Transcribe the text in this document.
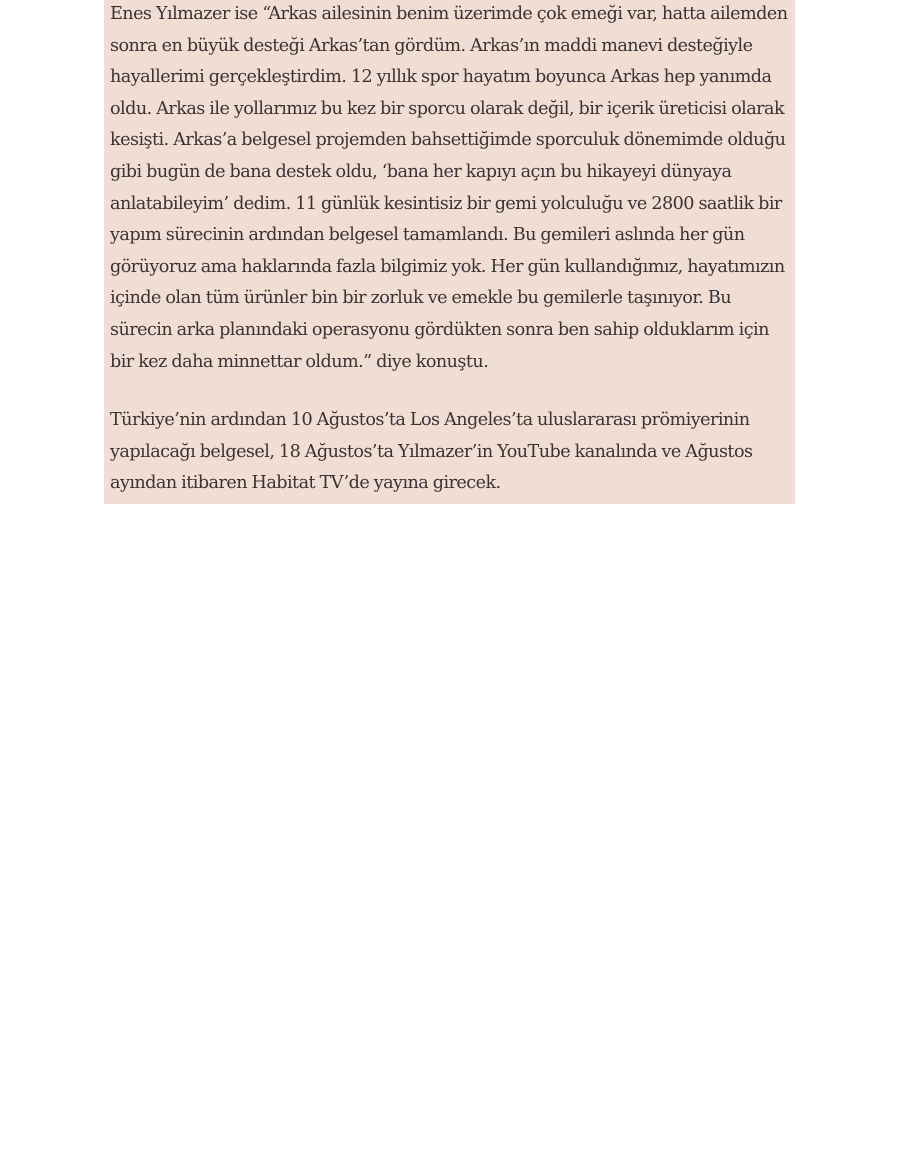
Enes Yılmazer ise “Arkas ailesinin benim üzerimde çok emeği var, hatta ailemden sonra en büyük desteği Arkas’tan gördüm. Arkas’ın maddi manevi desteğiyle hayallerimi gerçekleştirdim. 12 yıllık spor hayatım boyunca Arkas hep yanımda oldu. Arkas ile yollarımız bu kez bir sporcu olarak değil, bir içerik üreticisi olarak kesişti. Arkas’a belgesel projemden bahsettiğimde sporculuk dönemimde olduğu gibi bugün de bana destek oldu, ‘bana her kapıyı açın bu hikayeyi dünyaya anlatabileyim’ dedim. 11 günlük kesintisiz bir gemi yolculuğu ve 2800 saatlik bir yapım sürecinin ardından belgesel tamamlandı. Bu gemileri aslında her gün görüyoruz ama haklarında fazla bilgimiz yok. Her gün kullandığımız, hayatımızın içinde olan tüm ürünler bin bir zorluk ve emekle bu gemilerle taşınıyor. Bu sürecin arka planındaki operasyonu gördükten sonra ben sahip olduklarım için bir kez daha minnettar oldum.” diye konuştu.

Türkiye’nin ardından 10 Ağustos’ta Los Angeles’ta uluslararası prömiyerinin yapılacağı belgesel, 18 Ağustos’ta Yılmazer’in YouTube kanalında ve Ağustos ayından itibaren Habitat TV’de yayına girecek.
